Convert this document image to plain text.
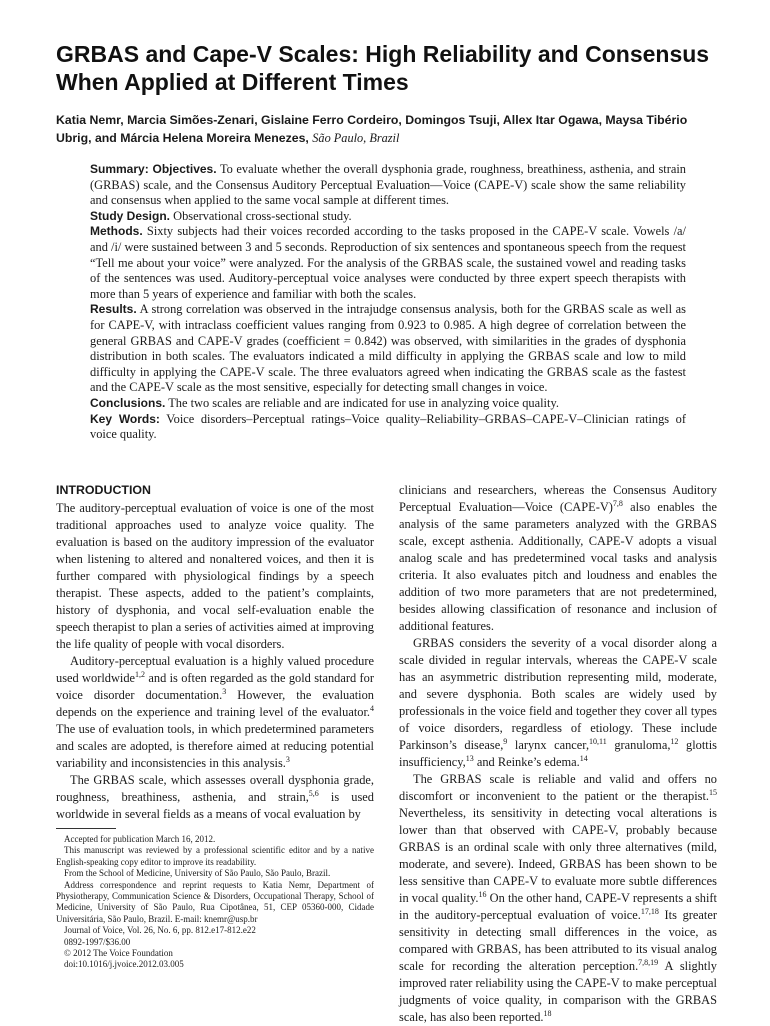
GRBAS and Cape-V Scales: High Reliability and Consensus When Applied at Different Times
Katia Nemr, Marcia Simões-Zenari, Gislaine Ferro Cordeiro, Domingos Tsuji, Allex Itar Ogawa, Maysa Tibério Ubrig, and Márcia Helena Moreira Menezes, São Paulo, Brazil

Summary: Objectives. To evaluate whether the overall dysphonia grade, roughness, breathiness, asthenia, and strain (GRBAS) scale, and the Consensus Auditory Perceptual Evaluation—Voice (CAPE-V) scale show the same reliability and consensus when applied to the same vocal sample at different times.

Study Design. Observational cross-sectional study.

Methods. Sixty subjects had their voices recorded according to the tasks proposed in the CAPE-V scale. Vowels /a/ and /i/ were sustained between 3 and 5 seconds. Reproduction of six sentences and spontaneous speech from the request “Tell me about your voice” were analyzed. For the analysis of the GRBAS scale, the sustained vowel and reading tasks of the sentences was used. Auditory-perceptual voice analyses were conducted by three expert speech therapists with more than 5 years of experience and familiar with both the scales.

Results. A strong correlation was observed in the intrajudge consensus analysis, both for the GRBAS scale as well as for CAPE-V, with intraclass coefficient values ranging from 0.923 to 0.985. A high degree of correlation between the general GRBAS and CAPE-V grades (coefficient = 0.842) was observed, with similarities in the grades of dysphonia distribution in both scales. The evaluators indicated a mild difficulty in applying the GRBAS scale and low to mild difficulty in applying the CAPE-V scale. The three evaluators agreed when indicating the GRBAS scale as the fastest and the CAPE-V scale as the most sensitive, especially for detecting small changes in voice.

Conclusions. The two scales are reliable and are indicated for use in analyzing voice quality.

Key Words: Voice disorders–Perceptual ratings–Voice quality–Reliability–GRBAS–CAPE-V–Clinician ratings of voice quality.

INTRODUCTION

The auditory-perceptual evaluation of voice is one of the most traditional approaches used to analyze voice quality. The evaluation is based on the auditory impression of the evaluator when listening to altered and nonaltered voices, and then it is further compared with physiological findings by a speech therapist. These aspects, added to the patient’s complaints, history of dysphonia, and vocal self-evaluation enable the speech therapist to plan a series of activities aimed at improving the life quality of people with vocal disorders.

Auditory-perceptual evaluation is a highly valued procedure used worldwide$^{1,2}$ and is often regarded as the gold standard for voice disorder documentation.$^3$ However, the evaluation depends on the experience and training level of the evaluator.$^4$ The use of evaluation tools, in which predetermined parameters and scales are adopted, is therefore aimed at reducing potential variability and inconsistencies in this analysis.$^3$

The GRBAS scale, which assesses overall dysphonia grade, roughness, breathiness, asthenia, and strain,$^{5,6}$ is used worldwide in several fields as a means of vocal evaluation by

clinicians and researchers, whereas the Consensus Auditory Perceptual Evaluation—Voice (CAPE-V)$^{7,8}$ also enables the analysis of the same parameters analyzed with the GRBAS scale, except asthenia. Additionally, CAPE-V adopts a visual analog scale and has predetermined vocal tasks and analysis criteria. It also evaluates pitch and loudness and enables the addition of two more parameters that are not predetermined, besides allowing classification of resonance and inclusion of additional features.

GRBAS considers the severity of a vocal disorder along a scale divided in regular intervals, whereas the CAPE-V scale has an asymmetric distribution representing mild, moderate, and severe dysphonia. Both scales are widely used by professionals in the voice field and together they cover all types of voice disorders, regardless of etiology. These include Parkinson’s disease,$^9$ larynx cancer,$^{10,11}$ granuloma,$^{12}$ glottis insufficiency,$^{13}$ and Reinke’s edema.$^{14}$

The GRBAS scale is reliable and valid and offers no discomfort or inconvenient to the patient or the therapist.$^{15}$ Nevertheless, its sensitivity in detecting vocal alterations is lower than that observed with CAPE-V, probably because GRBAS is an ordinal scale with only three alternatives (mild, moderate, and severe). Indeed, GRBAS has been shown to be less sensitive than CAPE-V to evaluate more subtle differences in vocal quality.$^{16}$ On the other hand, CAPE-V represents a shift in the auditory-perceptual evaluation of voice.$^{17,18}$ Its greater sensitivity in detecting small differences in the voice, as compared with GRBAS, has been attributed to its visual analog scale for recording the alteration perception.$^{7,8,19}$ A slightly improved rater reliability using the CAPE-V to make perceptual judgments of voice quality, in comparison with the GRBAS scale, has also been reported.$^{18}$

Accepted for publication March 16, 2012.
This manuscript was reviewed by a professional scientific editor and by a native English-speaking copy editor to improve its readability.
From the School of Medicine, University of São Paulo, São Paulo, Brazil.
Address correspondence and reprint requests to Katia Nemr, Department of Physiotherapy, Communication Science & Disorders, Occupational Therapy, School of Medicine, University of São Paulo, Rua Cipotânea, 51, CEP 05360-000, Cidade Universitária, São Paulo, Brazil. E-mail: knemr@usp.br
Journal of Voice, Vol. 26, No. 6, pp. 812.e17-812.e22
0892-1997/$36.00
© 2012 The Voice Foundation
doi:10.1016/j.jvoice.2012.03.005
